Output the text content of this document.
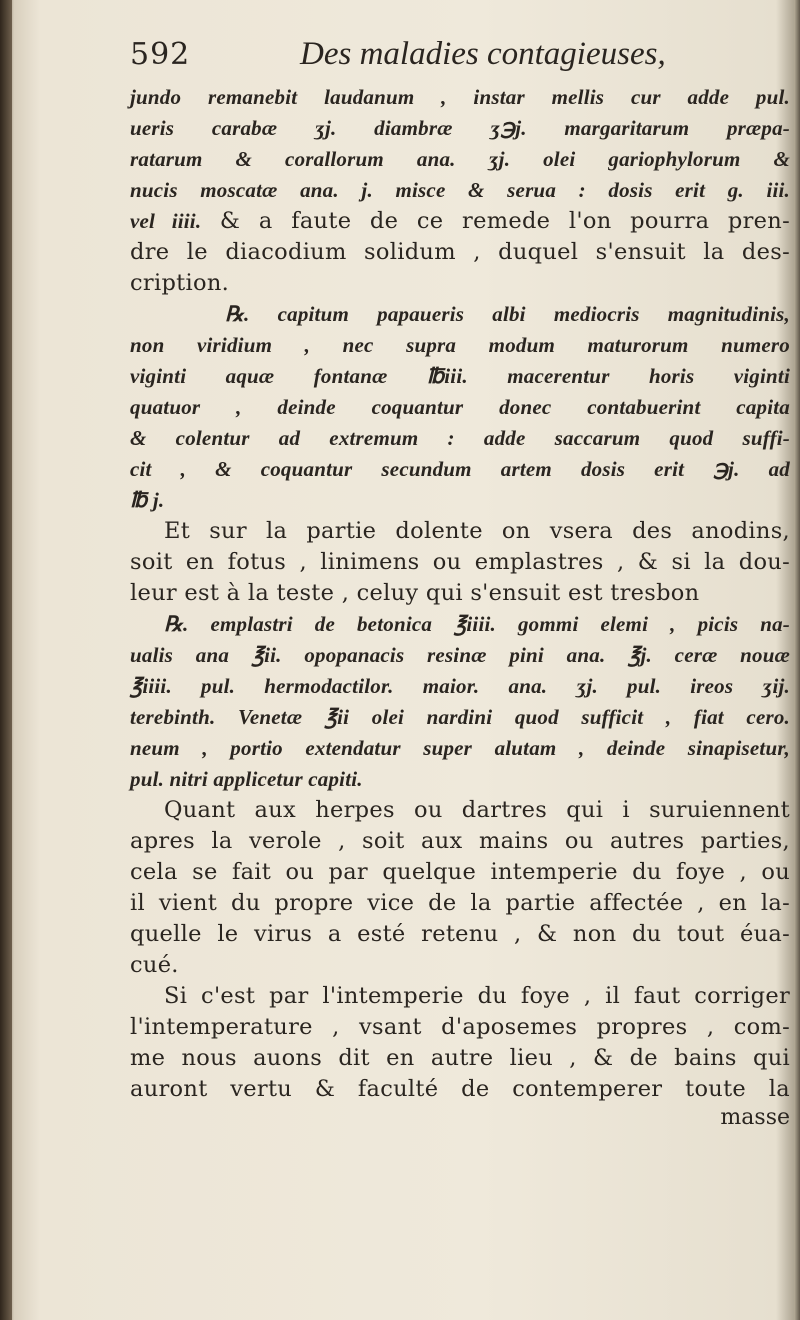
592	Des maladies contagieuses,
jundo remanebit laudanum , instar mellis cur adde pul.
ueris carabæ ʒj. diambræ ʒ℈j. margaritarum præpa-
ratarum & corallorum ana. ʒj. olei gariophylorum &
nucis moscatæ ana. j. misce & serua : dosis erit g. iii.
vel iiii. & a faute de ce remede l'on pourra pren-
dre le diacodium solidum , duquel s'ensuit la des-
cription.
℞. capitum papaueris albi mediocris magnitudinis,
non viridium , nec supra modum maturorum numero
viginti aquæ fontanæ ℔iii. macerentur horis viginti
quatuor , deinde coquantur donec contabuerint capita
& colentur ad extremum : adde saccarum quod suffi-
cit , & coquantur secundum artem dosis erit ℈j. ad
℔ j.
Et sur la partie dolente on vsera des anodins,
soit en fotus , linimens ou emplastres , & si la dou-
leur est à la teste , celuy qui s'ensuit est tresbon
℞. emplastri de betonica ℥iiii. gommi elemi , picis na-
ualis ana ℥ii. opopanacis resinæ pini ana. ℥j. ceræ nouæ
℥iiii. pul. hermodactilor. maior. ana. ʒj. pul. ireos ʒij.
terebinth. Venetæ ℥ii olei nardini quod sufficit , fiat cero.
neum , portio extendatur super alutam , deinde sinapisetur,
pul. nitri applicetur capiti.
Quant aux herpes ou dartres qui i suruiennent
apres la verole , soit aux mains ou autres parties,
cela se fait ou par quelque intemperie du foye , ou
il vient du propre vice de la partie affectée , en la-
quelle le virus a esté retenu , & non du tout éua-
cué.
Si c'est par l'intemperie du foye , il faut corriger
l'intemperature , vsant d'aposemes propres , com-
me nous auons dit en autre lieu , & de bains qui
auront vertu & faculté de contemperer toute la
masse
